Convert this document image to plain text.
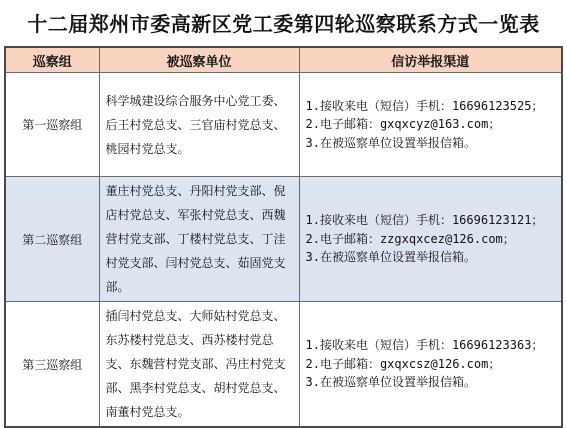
十二届郑州市委高新区党工委第四轮巡察联系方式一览表
巡察组	被巡察单位	信访举报渠道
第一巡察组	科学城建设综合服务中心党工委、后王村党总支、三官庙村党总支、桃园村党总支。	1.接收来电（短信）手机：16696123525；
2.电子邮箱：gxqxcyz@163.com；
3.在被巡察单位设置举报信箱。

第二巡察组	董庄村党总支、丹阳村党支部、倪店村党总支、军张村党总支、西魏营村党支部、丁楼村党总支、丁洼村党支部、闫村党总支、茹固党支部。	1.接收来电（短信）手机：16696123121；
2.电子邮箱：zzgxqxcez@126.com；
3.在被巡察单位设置举报信箱。

第三巡察组	插闫村党总支、大师姑村党总支、东苏楼村党总支、西苏楼村党总支、东魏营村党支部、冯庄村党支部、黑李村党总支、胡村党总支、南董村党总支。	1.接收来电（短信）手机：16696123363；
2.电子邮箱：gxqxcsz@126.com；
3.在被巡察单位设置举报信箱。
